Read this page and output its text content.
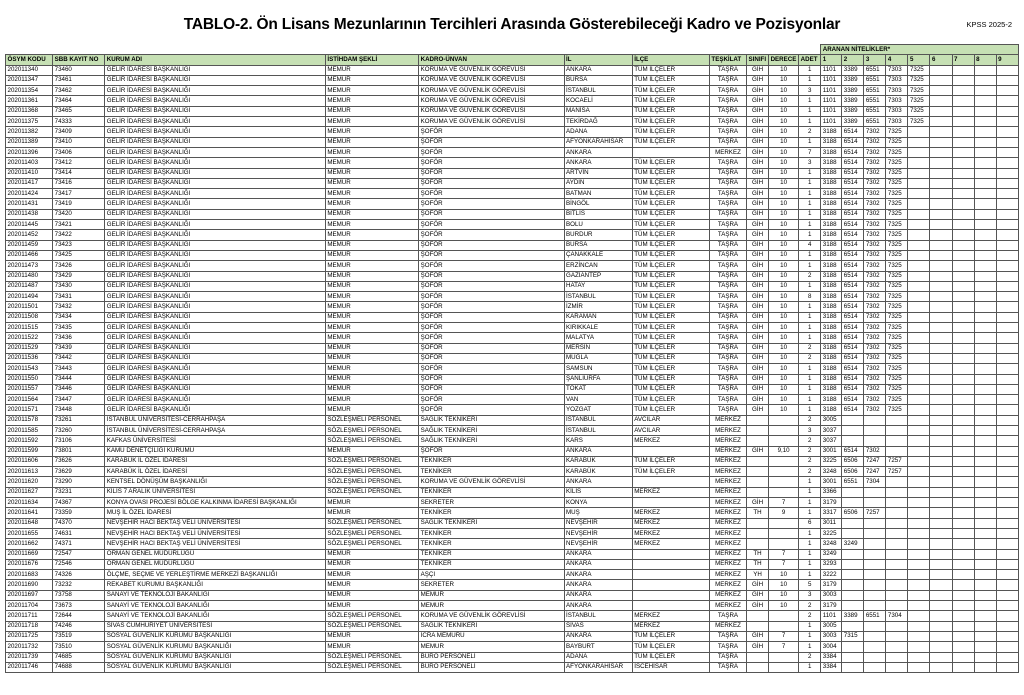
TABLO-2. Ön Lisans Mezunlarının Tercihleri Arasında Gösterebileceği Kadro ve Pozisyonlar	KPSS 2025-2
											ARANAN NİTELİKLER*								
ÖSYM KODU	SBB KAYIT NO	KURUM ADI	İSTİHDAM ŞEKLİ	KADRO-ÜNVAN	İL	İLÇE	TEŞKİLAT	SINIFI	DERECE	ADET	1	2	3	4	5	6	7	8	9
202011340	73460	GELİR İDARESİ BAŞKANLIĞI	MEMUR	KORUMA VE GÜVENLİK GÖREVLİSİ	ANKARA	TÜM İLÇELER	TAŞRA	GİH	10	1	1101	3389	6551	7303	7325				
202011347	73461	GELİR İDARESİ BAŞKANLIĞI	MEMUR	KORUMA VE GÜVENLİK GÖREVLİSİ	BURSA	TÜM İLÇELER	TAŞRA	GİH	10	1	1101	3389	6551	7303	7325				
202011354	73462	GELİR İDARESİ BAŞKANLIĞI	MEMUR	KORUMA VE GÜVENLİK GÖREVLİSİ	İSTANBUL	TÜM İLÇELER	TAŞRA	GİH	10	3	1101	3389	6551	7303	7325				
202011361	73464	GELİR İDARESİ BAŞKANLIĞI	MEMUR	KORUMA VE GÜVENLİK GÖREVLİSİ	KOCAELİ	TÜM İLÇELER	TAŞRA	GİH	10	1	1101	3389	6551	7303	7325				
202011368	73465	GELİR İDARESİ BAŞKANLIĞI	MEMUR	KORUMA VE GÜVENLİK GÖREVLİSİ	MANİSA	TÜM İLÇELER	TAŞRA	GİH	10	1	1101	3389	6551	7303	7325				
202011375	74333	GELİR İDARESİ BAŞKANLIĞI	MEMUR	KORUMA VE GÜVENLİK GÖREVLİSİ	TEKİRDAĞ	TÜM İLÇELER	TAŞRA	GİH	10	1	1101	3389	6551	7303	7325				
202011382	73409	GELİR İDARESİ BAŞKANLIĞI	MEMUR	ŞOFÖR	ADANA	TÜM İLÇELER	TAŞRA	GİH	10	2	3188	6514	7302	7325					
202011389	73410	GELİR İDARESİ BAŞKANLIĞI	MEMUR	ŞOFÖR	AFYONKARAHİSAR	TÜM İLÇELER	TAŞRA	GİH	10	1	3188	6514	7302	7325					
202011396	73406	GELİR İDARESİ BAŞKANLIĞI	MEMUR	ŞOFÖR	ANKARA		MERKEZ	GİH	10	7	3188	6514	7302	7325					
202011403	73412	GELİR İDARESİ BAŞKANLIĞI	MEMUR	ŞOFÖR	ANKARA	TÜM İLÇELER	TAŞRA	GİH	10	3	3188	6514	7302	7325					
202011410	73414	GELİR İDARESİ BAŞKANLIĞI	MEMUR	ŞOFÖR	ARTVİN	TÜM İLÇELER	TAŞRA	GİH	10	1	3188	6514	7302	7325					
202011417	73416	GELİR İDARESİ BAŞKANLIĞI	MEMUR	ŞOFÖR	AYDIN	TÜM İLÇELER	TAŞRA	GİH	10	1	3188	6514	7302	7325					
202011424	73417	GELİR İDARESİ BAŞKANLIĞI	MEMUR	ŞOFÖR	BATMAN	TÜM İLÇELER	TAŞRA	GİH	10	1	3188	6514	7302	7325					
202011431	73419	GELİR İDARESİ BAŞKANLIĞI	MEMUR	ŞOFÖR	BİNGÖL	TÜM İLÇELER	TAŞRA	GİH	10	1	3188	6514	7302	7325					
202011438	73420	GELİR İDARESİ BAŞKANLIĞI	MEMUR	ŞOFÖR	BİTLİS	TÜM İLÇELER	TAŞRA	GİH	10	1	3188	6514	7302	7325					
202011445	73421	GELİR İDARESİ BAŞKANLIĞI	MEMUR	ŞOFÖR	BOLU	TÜM İLÇELER	TAŞRA	GİH	10	1	3188	6514	7302	7325					
202011452	73422	GELİR İDARESİ BAŞKANLIĞI	MEMUR	ŞOFÖR	BURDUR	TÜM İLÇELER	TAŞRA	GİH	10	1	3188	6514	7302	7325					
202011459	73423	GELİR İDARESİ BAŞKANLIĞI	MEMUR	ŞOFÖR	BURSA	TÜM İLÇELER	TAŞRA	GİH	10	4	3188	6514	7302	7325					
202011466	73425	GELİR İDARESİ BAŞKANLIĞI	MEMUR	ŞOFÖR	ÇANAKKALE	TÜM İLÇELER	TAŞRA	GİH	10	1	3188	6514	7302	7325					
202011473	73426	GELİR İDARESİ BAŞKANLIĞI	MEMUR	ŞOFÖR	ERZİNCAN	TÜM İLÇELER	TAŞRA	GİH	10	1	3188	6514	7302	7325					
202011480	73429	GELİR İDARESİ BAŞKANLIĞI	MEMUR	ŞOFÖR	GAZİANTEP	TÜM İLÇELER	TAŞRA	GİH	10	2	3188	6514	7302	7325					
202011487	73430	GELİR İDARESİ BAŞKANLIĞI	MEMUR	ŞOFÖR	HATAY	TÜM İLÇELER	TAŞRA	GİH	10	1	3188	6514	7302	7325					
202011494	73431	GELİR İDARESİ BAŞKANLIĞI	MEMUR	ŞOFÖR	İSTANBUL	TÜM İLÇELER	TAŞRA	GİH	10	8	3188	6514	7302	7325					
202011501	73432	GELİR İDARESİ BAŞKANLIĞI	MEMUR	ŞOFÖR	İZMİR	TÜM İLÇELER	TAŞRA	GİH	10	1	3188	6514	7302	7325					
202011508	73434	GELİR İDARESİ BAŞKANLIĞI	MEMUR	ŞOFÖR	KARAMAN	TÜM İLÇELER	TAŞRA	GİH	10	1	3188	6514	7302	7325					
202011515	73435	GELİR İDARESİ BAŞKANLIĞI	MEMUR	ŞOFÖR	KIRIKKALE	TÜM İLÇELER	TAŞRA	GİH	10	1	3188	6514	7302	7325					
202011522	73436	GELİR İDARESİ BAŞKANLIĞI	MEMUR	ŞOFÖR	MALATYA	TÜM İLÇELER	TAŞRA	GİH	10	1	3188	6514	7302	7325					
202011529	73439	GELİR İDARESİ BAŞKANLIĞI	MEMUR	ŞOFÖR	MERSİN	TÜM İLÇELER	TAŞRA	GİH	10	2	3188	6514	7302	7325					
202011536	73442	GELİR İDARESİ BAŞKANLIĞI	MEMUR	ŞOFÖR	MUĞLA	TÜM İLÇELER	TAŞRA	GİH	10	2	3188	6514	7302	7325					
202011543	73443	GELİR İDARESİ BAŞKANLIĞI	MEMUR	ŞOFÖR	SAMSUN	TÜM İLÇELER	TAŞRA	GİH	10	1	3188	6514	7302	7325					
202011550	73444	GELİR İDARESİ BAŞKANLIĞI	MEMUR	ŞOFÖR	ŞANLIURFA	TÜM İLÇELER	TAŞRA	GİH	10	1	3188	6514	7302	7325					
202011557	73446	GELİR İDARESİ BAŞKANLIĞI	MEMUR	ŞOFÖR	TOKAT	TÜM İLÇELER	TAŞRA	GİH	10	1	3188	6514	7302	7325					
202011564	73447	GELİR İDARESİ BAŞKANLIĞI	MEMUR	ŞOFÖR	VAN	TÜM İLÇELER	TAŞRA	GİH	10	1	3188	6514	7302	7325					
202011571	73448	GELİR İDARESİ BAŞKANLIĞI	MEMUR	ŞOFÖR	YOZGAT	TÜM İLÇELER	TAŞRA	GİH	10	1	3188	6514	7302	7325					
202011578	73261	İSTANBUL ÜNİVERSİTESİ-CERRAHPAŞA	SÖZLEŞMELİ PERSONEL	SAĞLIK TEKNİKERİ	İSTANBUL	AVCILAR	MERKEZ			2	3005								
202011585	73260	İSTANBUL ÜNİVERSİTESİ-CERRAHPAŞA	SÖZLEŞMELİ PERSONEL	SAĞLIK TEKNİKERİ	İSTANBUL	AVCILAR	MERKEZ			3	3037								
202011592	73106	KAFKAS ÜNİVERSİTESİ	SÖZLEŞMELİ PERSONEL	SAĞLIK TEKNİKERİ	KARS	MERKEZ	MERKEZ			2	3037								
202011599	73801	KAMU DENETÇİLİĞİ KURUMU	MEMUR	ŞOFÖR	ANKARA		MERKEZ	GİH	9,10	2	3001	6514	7302						
202011606	73626	KARABÜK İL ÖZEL İDARESİ	SÖZLEŞMELİ PERSONEL	TEKNİKER	KARABÜK	TÜM İLÇELER	MERKEZ			2	3225	6506	7247	7257					
202011613	73629	KARABÜK İL ÖZEL İDARESİ	SÖZLEŞMELİ PERSONEL	TEKNİKER	KARABÜK	TÜM İLÇELER	MERKEZ			2	3248	6506	7247	7257					
202011620	73290	KENTSEL DÖNÜŞÜM BAŞKANLIĞI	SÖZLEŞMELİ PERSONEL	KORUMA VE GÜVENLİK GÖREVLİSİ	ANKARA		MERKEZ			1	3001	6551	7304						
202011627	73231	KİLİS 7 ARALIK ÜNİVERSİTESİ	SÖZLEŞMELİ PERSONEL	TEKNİKER	KİLİS	MERKEZ	MERKEZ			1	3366								
202011634	74367	KONYA OVASI PROJESİ BÖLGE KALKINMA İDARESİ BAŞKANLIĞI	MEMUR	SEKRETER	KONYA		MERKEZ	GİH	7	1	3179								
202011641	73359	MUŞ İL ÖZEL İDARESİ	MEMUR	TEKNİKER	MUŞ	MERKEZ	MERKEZ	TH	9	1	3317	6506	7257						
202011648	74370	NEVŞEHİR HACI BEKTAŞ VELİ ÜNİVERSİTESİ	SÖZLEŞMELİ PERSONEL	SAĞLIK TEKNİKERİ	NEVŞEHİR	MERKEZ	MERKEZ			6	3011								
202011655	74631	NEVŞEHİR HACI BEKTAŞ VELİ ÜNİVERSİTESİ	SÖZLEŞMELİ PERSONEL	TEKNİKER	NEVŞEHİR	MERKEZ	MERKEZ			1	3225								
202011662	74371	NEVŞEHİR HACI BEKTAŞ VELİ ÜNİVERSİTESİ	SÖZLEŞMELİ PERSONEL	TEKNİKER	NEVŞEHİR	MERKEZ	MERKEZ			1	3248	3249							
202011669	72547	ORMAN GENEL MÜDÜRLÜĞÜ	MEMUR	TEKNİKER	ANKARA		MERKEZ	TH	7	1	3249								
202011676	72546	ORMAN GENEL MÜDÜRLÜĞÜ	MEMUR	TEKNİKER	ANKARA		MERKEZ	TH	7	1	3293								
202011683	74326	ÖLÇME, SEÇME VE YERLEŞTİRME MERKEZİ BAŞKANLIĞI	MEMUR	AŞÇI	ANKARA		MERKEZ	YH	10	1	3222								
202011690	73232	REKABET KURUMU BAŞKANLIĞI	MEMUR	SEKRETER	ANKARA		MERKEZ	GİH	10	5	3179								
202011697	73758	SANAYİ VE TEKNOLOJİ BAKANLIĞI	MEMUR	MEMUR	ANKARA		MERKEZ	GİH	10	3	3003								
202011704	73673	SANAYİ VE TEKNOLOJİ BAKANLIĞI	MEMUR	MEMUR	ANKARA		MERKEZ	GİH	10	2	3179								
202011711	72644	SANAYİ VE TEKNOLOJİ BAKANLIĞI	SÖZLEŞMELİ PERSONEL	KORUMA VE GÜVENLİK GÖREVLİSİ	İSTANBUL	MERKEZ	TAŞRA			2	1101	3389	6551	7304					
202011718	74246	SİVAS CUMHURİYET ÜNİVERSİTESİ	SÖZLEŞMELİ PERSONEL	SAĞLIK TEKNİKERİ	SİVAS	MERKEZ	MERKEZ			1	3005								
202011725	73519	SOSYAL GÜVENLİK KURUMU BAŞKANLIĞI	MEMUR	İCRA MEMURU	ANKARA	TÜM İLÇELER	TAŞRA	GİH	7	1	3003	7315							
202011732	73510	SOSYAL GÜVENLİK KURUMU BAŞKANLIĞI	MEMUR	MEMUR	BAYBURT	TÜM İLÇELER	TAŞRA	GİH	7	1	3004								
202011739	74685	SOSYAL GÜVENLİK KURUMU BAŞKANLIĞI	SÖZLEŞMELİ PERSONEL	BÜRO PERSONELİ	ADANA	TÜM İLÇELER	TAŞRA			2	3384								
202011746	74688	SOSYAL GÜVENLİK KURUMU BAŞKANLIĞI	SÖZLEŞMELİ PERSONEL	BÜRO PERSONELİ	AFYONKARAHİSAR	İSCEHİSAR	TAŞRA			1	3384								
